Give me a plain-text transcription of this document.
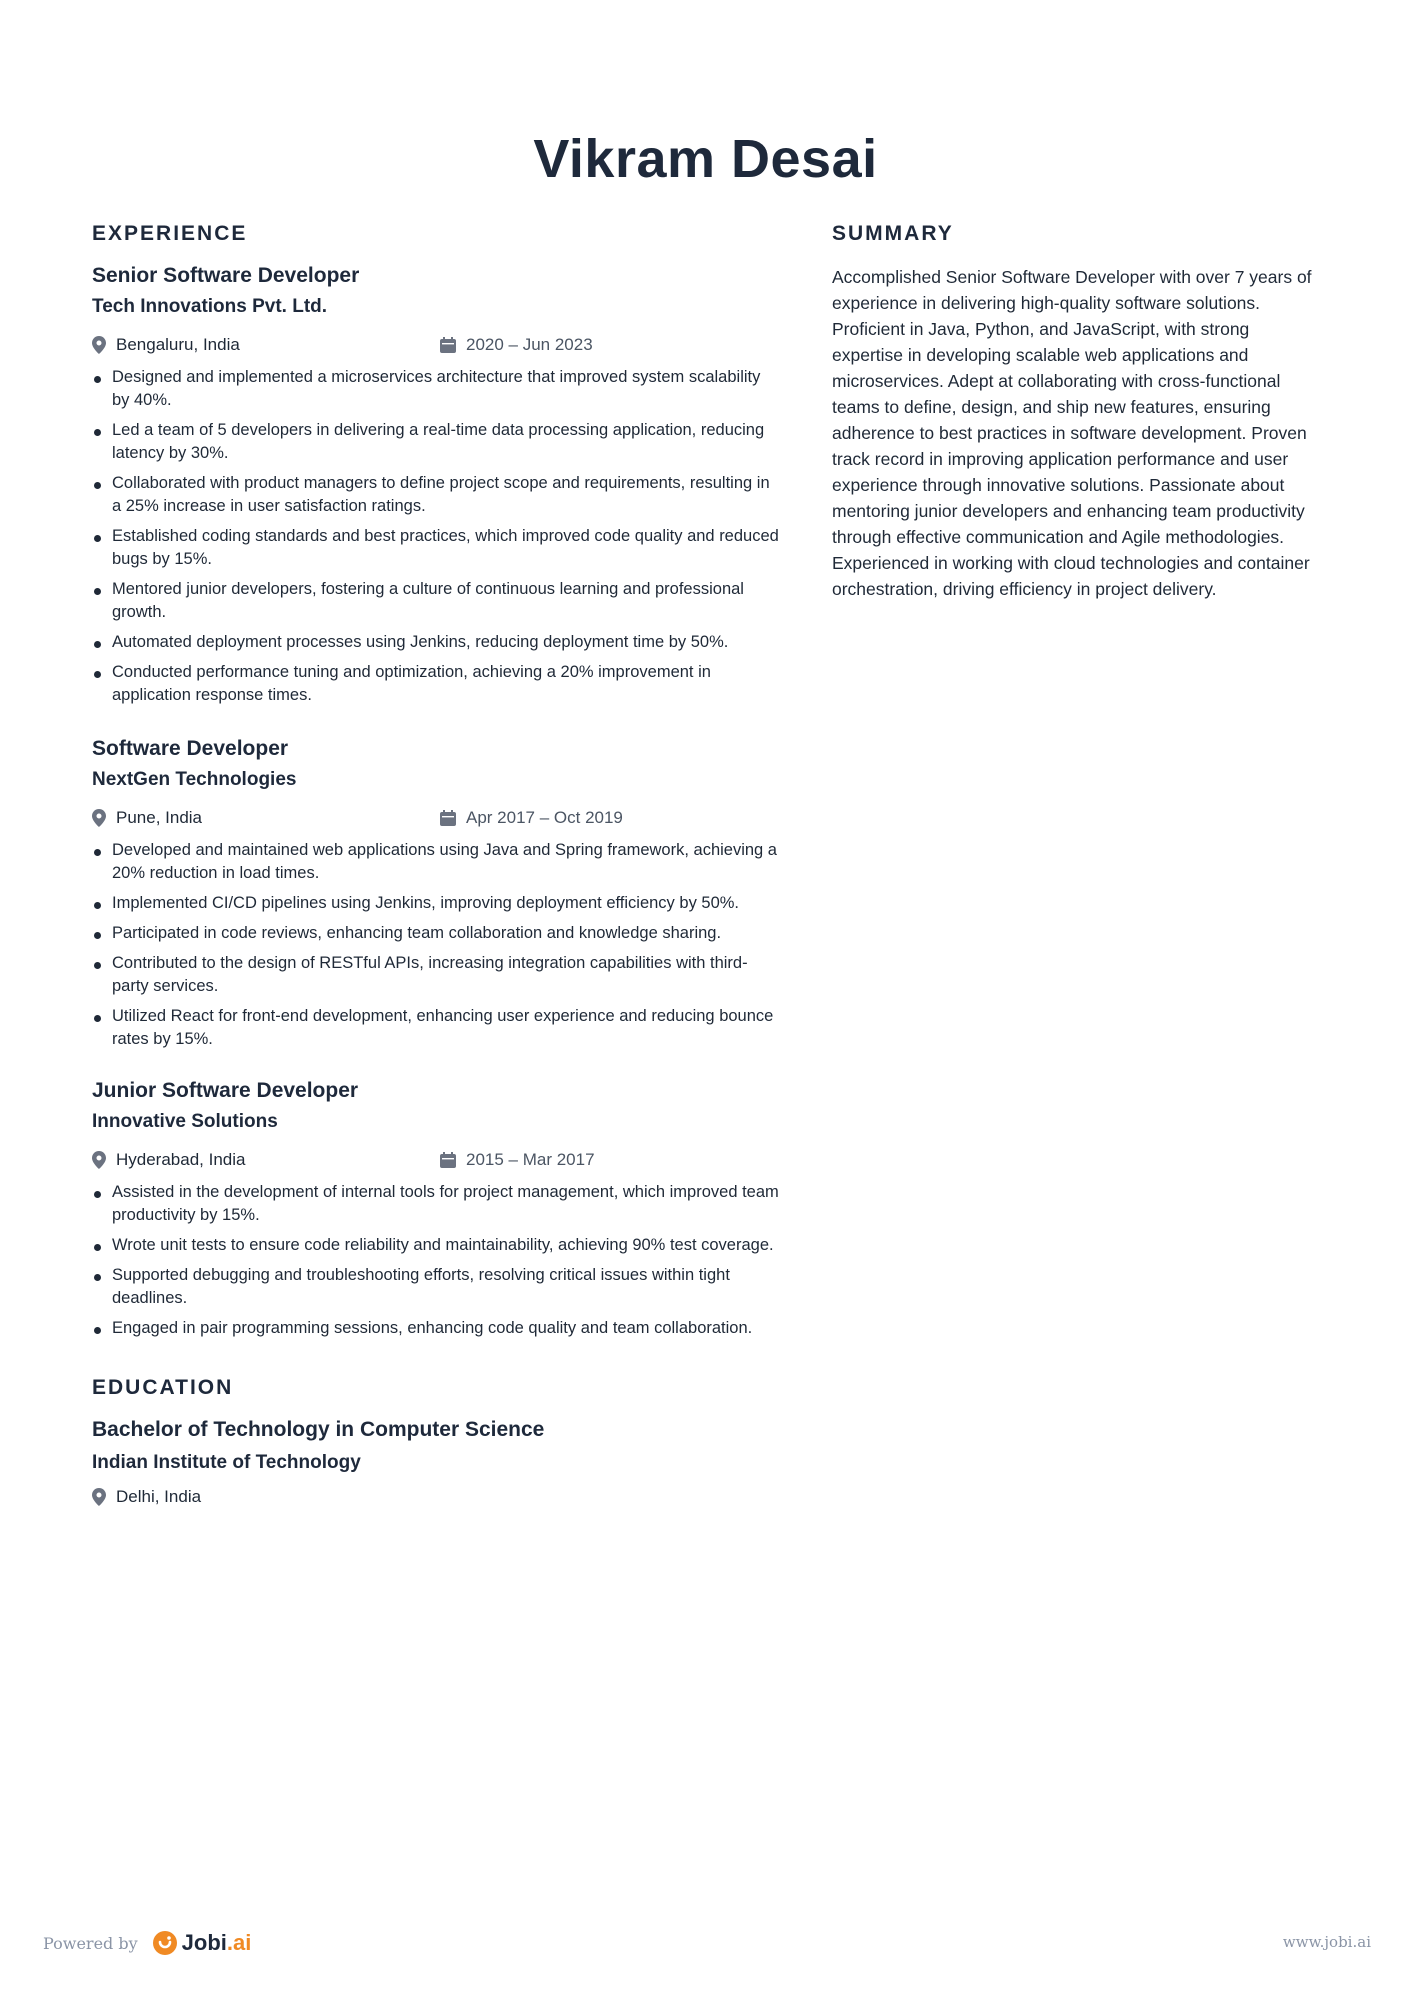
Vikram Desai
EXPERIENCE
Senior Software Developer
Tech Innovations Pvt. Ltd.
Bengaluru, India	2020 – Jun 2023
Designed and implemented a microservices architecture that improved system scalability by 40%.
Led a team of 5 developers in delivering a real-time data processing application, reducing latency by 30%.
Collaborated with product managers to define project scope and requirements, resulting in a 25% increase in user satisfaction ratings.
Established coding standards and best practices, which improved code quality and reduced bugs by 15%.
Mentored junior developers, fostering a culture of continuous learning and professional growth.
Automated deployment processes using Jenkins, reducing deployment time by 50%.
Conducted performance tuning and optimization, achieving a 20% improvement in application response times.
Software Developer
NextGen Technologies
Pune, India	Apr 2017 – Oct 2019
Developed and maintained web applications using Java and Spring framework, achieving a 20% reduction in load times.
Implemented CI/CD pipelines using Jenkins, improving deployment efficiency by 50%.
Participated in code reviews, enhancing team collaboration and knowledge sharing.
Contributed to the design of RESTful APIs, increasing integration capabilities with third-party services.
Utilized React for front-end development, enhancing user experience and reducing bounce rates by 15%.
Junior Software Developer
Innovative Solutions
Hyderabad, India	2015 – Mar 2017
Assisted in the development of internal tools for project management, which improved team productivity by 15%.
Wrote unit tests to ensure code reliability and maintainability, achieving 90% test coverage.
Supported debugging and troubleshooting efforts, resolving critical issues within tight deadlines.
Engaged in pair programming sessions, enhancing code quality and team collaboration.
EDUCATION
Bachelor of Technology in Computer Science
Indian Institute of Technology
Delhi, India
SUMMARY

Accomplished Senior Software Developer with over 7 years of experience in delivering high-quality software solutions. Proficient in Java, Python, and JavaScript, with strong expertise in developing scalable web applications and microservices. Adept at collaborating with cross-functional teams to define, design, and ship new features, ensuring adherence to best practices in software development. Proven track record in improving application performance and user experience through innovative solutions. Passionate about mentoring junior developers and enhancing team productivity through effective communication and Agile methodologies. Experienced in working with cloud technologies and container orchestration, driving efficiency in project delivery.

Powered by Jobi .ai	www.jobi.ai
